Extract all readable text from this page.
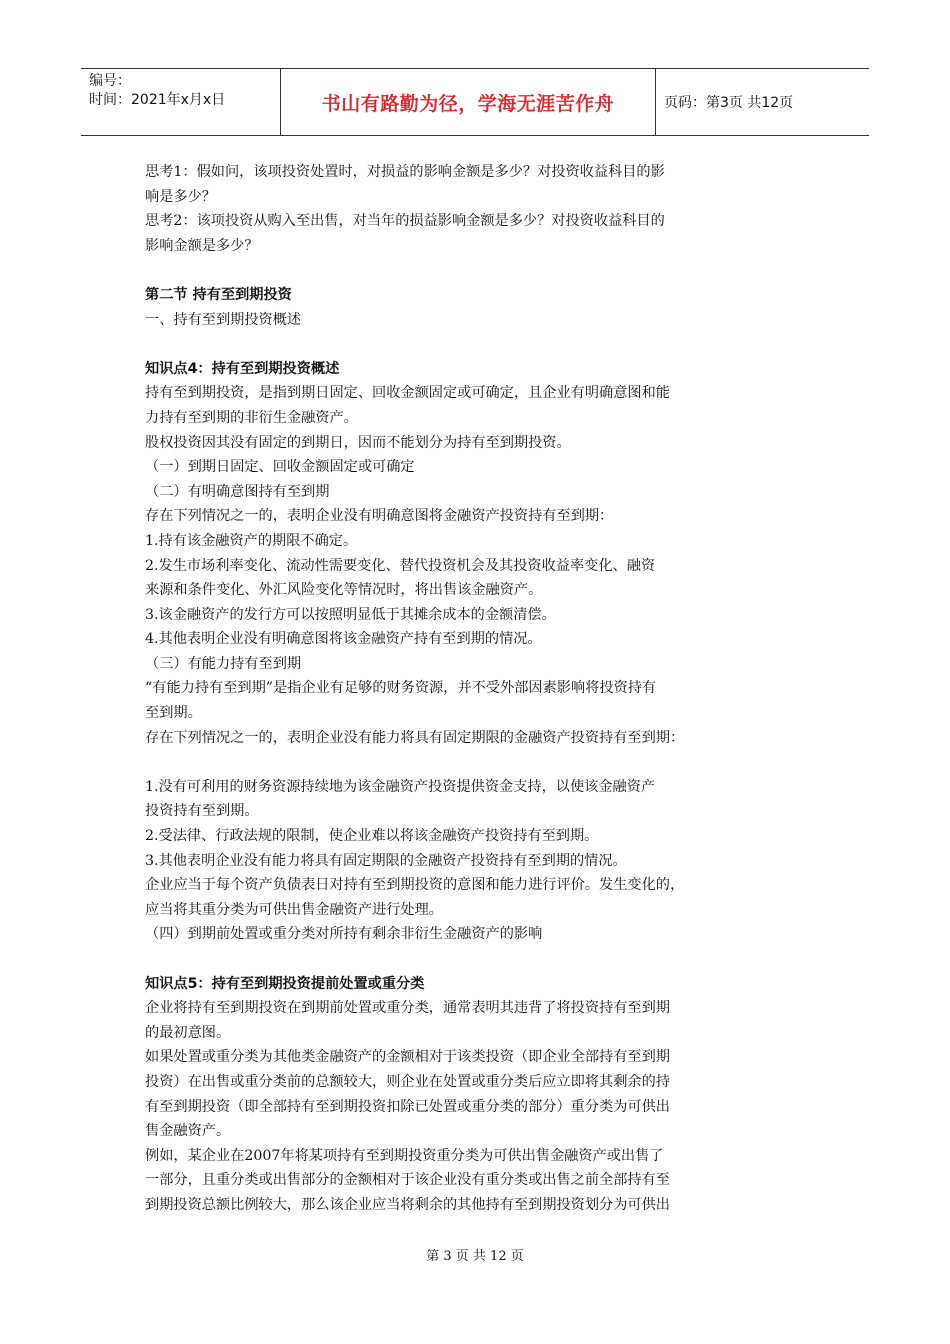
编号：
时间：2021年x月x日	书山有路勤为径，学海无涯苦作舟	页码：第3页 共12页

思考1：假如问，该项投资处置时，对损益的影响金额是多少？对投资收益科目的影

响是多少？

思考2：该项投资从购入至出售，对当年的损益影响金额是多少？对投资收益科目的

影响金额是多少？

第二节 持有至到期投资

一、持有至到期投资概述

知识点4：持有至到期投资概述

持有至到期投资，是指到期日固定、回收金额固定或可确定，且企业有明确意图和能

力持有至到期的非衍生金融资产。

股权投资因其没有固定的到期日，因而不能划分为持有至到期投资。

（一）到期日固定、回收金额固定或可确定

（二）有明确意图持有至到期

存在下列情况之一的，表明企业没有明确意图将金融资产投资持有至到期：

1.持有该金融资产的期限不确定。

2.发生市场利率变化、流动性需要变化、替代投资机会及其投资收益率变化、融资

来源和条件变化、外汇风险变化等情况时，将出售该金融资产。

3.该金融资产的发行方可以按照明显低于其摊余成本的金额清偿。

4.其他表明企业没有明确意图将该金融资产持有至到期的情况。

（三）有能力持有至到期

“有能力持有至到期”是指企业有足够的财务资源，并不受外部因素影响将投资持有

至到期。

存在下列情况之一的，表明企业没有能力将具有固定期限的金融资产投资持有至到期：

1.没有可利用的财务资源持续地为该金融资产投资提供资金支持，以使该金融资产

投资持有至到期。

2.受法律、行政法规的限制，使企业难以将该金融资产投资持有至到期。

3.其他表明企业没有能力将具有固定期限的金融资产投资持有至到期的情况。

企业应当于每个资产负债表日对持有至到期投资的意图和能力进行评价。发生变化的，

应当将其重分类为可供出售金融资产进行处理。

（四）到期前处置或重分类对所持有剩余非衍生金融资产的影响

知识点5：持有至到期投资提前处置或重分类

企业将持有至到期投资在到期前处置或重分类，通常表明其违背了将投资持有至到期

的最初意图。

如果处置或重分类为其他类金融资产的金额相对于该类投资（即企业全部持有至到期

投资）在出售或重分类前的总额较大，则企业在处置或重分类后应立即将其剩余的持

有至到期投资（即全部持有至到期投资扣除已处置或重分类的部分）重分类为可供出

售金融资产。

例如，某企业在2007年将某项持有至到期投资重分类为可供出售金融资产或出售了

一部分，且重分类或出售部分的金额相对于该企业没有重分类或出售之前全部持有至

到期投资总额比例较大，那么该企业应当将剩余的其他持有至到期投资划分为可供出

第 3 页 共 12 页
